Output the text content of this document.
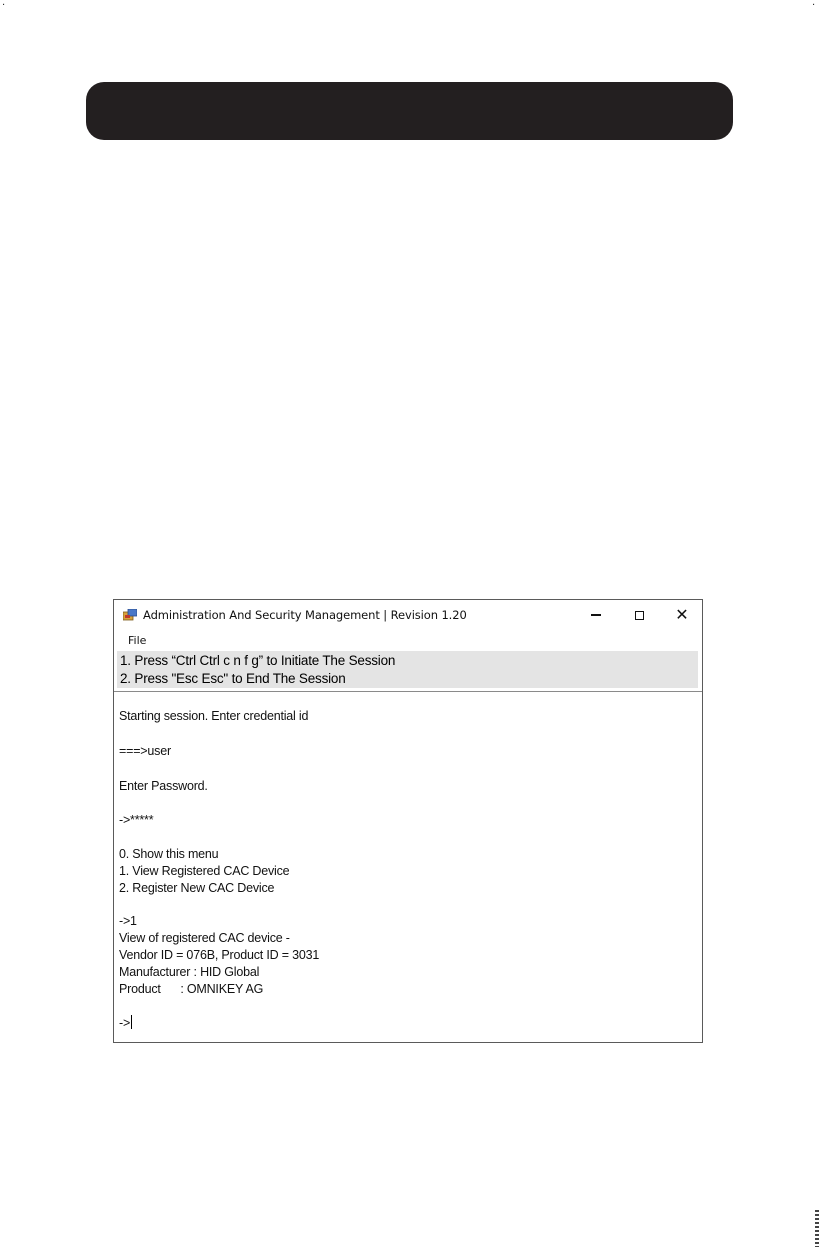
·	·
Administration And Security Management | Revision 1.20	✕
File
1. Press “Ctrl Ctrl c n f g” to Initiate The Session
2. Press "Esc Esc" to End The Session
Starting session. Enter credential id
===>user
Enter Password.
->*****
0. Show this menu
1. View Registered CAC Device
2. Register New CAC Device
->1
View of registered CAC device -
Vendor ID = 076B, Product ID = 3031
Manufacturer : HID Global
Product      : OMNIKEY AG
->
